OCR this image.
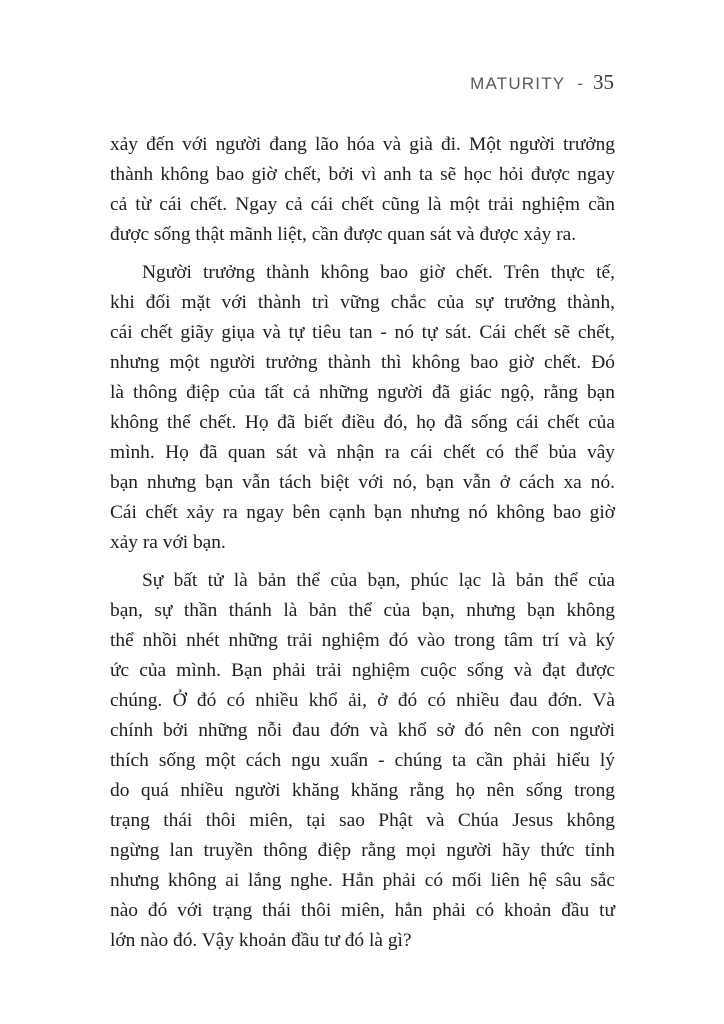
MATURITY - 35

xảy đến với người đang lão hóa và già đi. Một người trưởng
thành không bao giờ chết, bởi vì anh ta sẽ học hỏi được ngay
cả từ cái chết. Ngay cả cái chết cũng là một trải nghiệm cần
được sống thật mãnh liệt, cần được quan sát và được xảy ra.

Người trưởng thành không bao giờ chết. Trên thực tế,
khi đối mặt với thành trì vững chắc của sự trưởng thành,
cái chết giãy giụa và tự tiêu tan - nó tự sát. Cái chết sẽ chết,
nhưng một người trưởng thành thì không bao giờ chết. Đó
là thông điệp của tất cả những người đã giác ngộ, rằng bạn
không thể chết. Họ đã biết điều đó, họ đã sống cái chết của
mình. Họ đã quan sát và nhận ra cái chết có thể bủa vây
bạn nhưng bạn vẫn tách biệt với nó, bạn vẫn ở cách xa nó.
Cái chết xảy ra ngay bên cạnh bạn nhưng nó không bao giờ
xảy ra với bạn.

Sự bất tử là bản thể của bạn, phúc lạc là bản thể của
bạn, sự thần thánh là bản thể của bạn, nhưng bạn không
thể nhồi nhét những trải nghiệm đó vào trong tâm trí và ký
ức của mình. Bạn phải trải nghiệm cuộc sống và đạt được
chúng. Ở đó có nhiều khổ ải, ở đó có nhiều đau đớn. Và
chính bởi những nỗi đau đớn và khổ sở đó nên con người
thích sống một cách ngu xuẩn - chúng ta cần phải hiểu lý
do quá nhiều người khăng khăng rằng họ nên sống trong
trạng thái thôi miên, tại sao Phật và Chúa Jesus không
ngừng lan truyền thông điệp rằng mọi người hãy thức tỉnh
nhưng không ai lắng nghe. Hẳn phải có mối liên hệ sâu sắc
nào đó với trạng thái thôi miên, hẳn phải có khoản đầu tư
lớn nào đó. Vậy khoản đầu tư đó là gì?
